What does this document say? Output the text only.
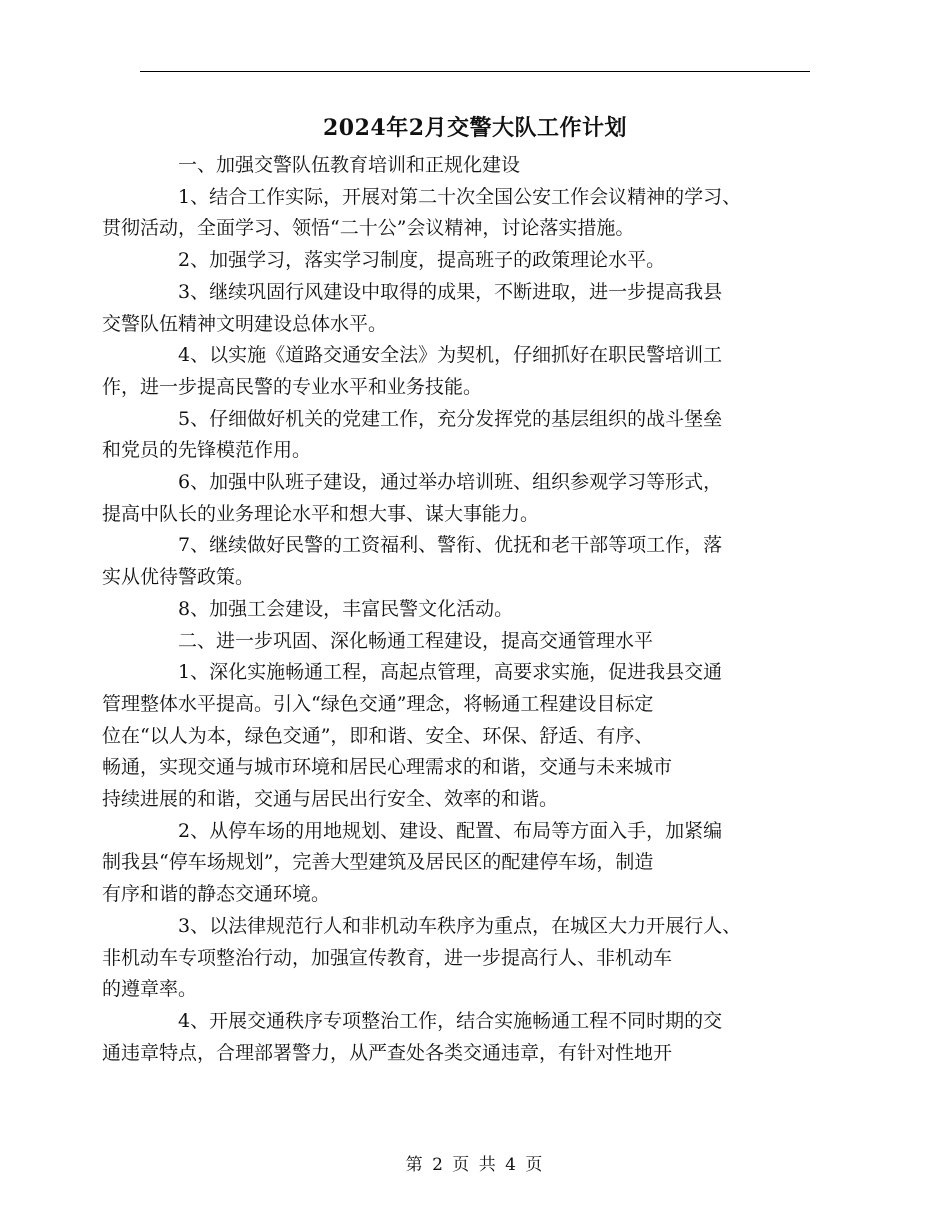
2024年2月交警大队工作计划

一、加强交警队伍教育培训和正规化建设

1、结合工作实际，开展对第二十次全国公安工作会议精神的学习、
贯彻活动，全面学习、领悟“二十公”会议精神，讨论落实措施。

2、加强学习，落实学习制度，提高班子的政策理论水平。

3、继续巩固行风建设中取得的成果，不断进取，进一步提高我县
交警队伍精神文明建设总体水平。

4、以实施《道路交通安全法》为契机，仔细抓好在职民警培训工
作，进一步提高民警的专业水平和业务技能。

5、仔细做好机关的党建工作，充分发挥党的基层组织的战斗堡垒
和党员的先锋模范作用。

6、加强中队班子建设，通过举办培训班、组织参观学习等形式，
提高中队长的业务理论水平和想大事、谋大事能力。

7、继续做好民警的工资福利、警衔、优抚和老干部等项工作，落
实从优待警政策。

8、加强工会建设，丰富民警文化活动。

二、进一步巩固、深化畅通工程建设，提高交通管理水平

1、深化实施畅通工程，高起点管理，高要求实施，促进我县交通
管理整体水平提高。引入“绿色交通”理念，将畅通工程建设目标定
位在“以人为本，绿色交通”，即和谐、安全、环保、舒适、有序、
畅通，实现交通与城市环境和居民心理需求的和谐，交通与未来城市
持续进展的和谐，交通与居民出行安全、效率的和谐。

2、从停车场的用地规划、建设、配置、布局等方面入手，加紧编
制我县“停车场规划”，完善大型建筑及居民区的配建停车场，制造
有序和谐的静态交通环境。

3、以法律规范行人和非机动车秩序为重点，在城区大力开展行人、
非机动车专项整治行动，加强宣传教育，进一步提高行人、非机动车
的遵章率。

4、开展交通秩序专项整治工作，结合实施畅通工程不同时期的交
通违章特点，合理部署警力，从严查处各类交通违章，有针对性地开

第 2 页 共 4 页
